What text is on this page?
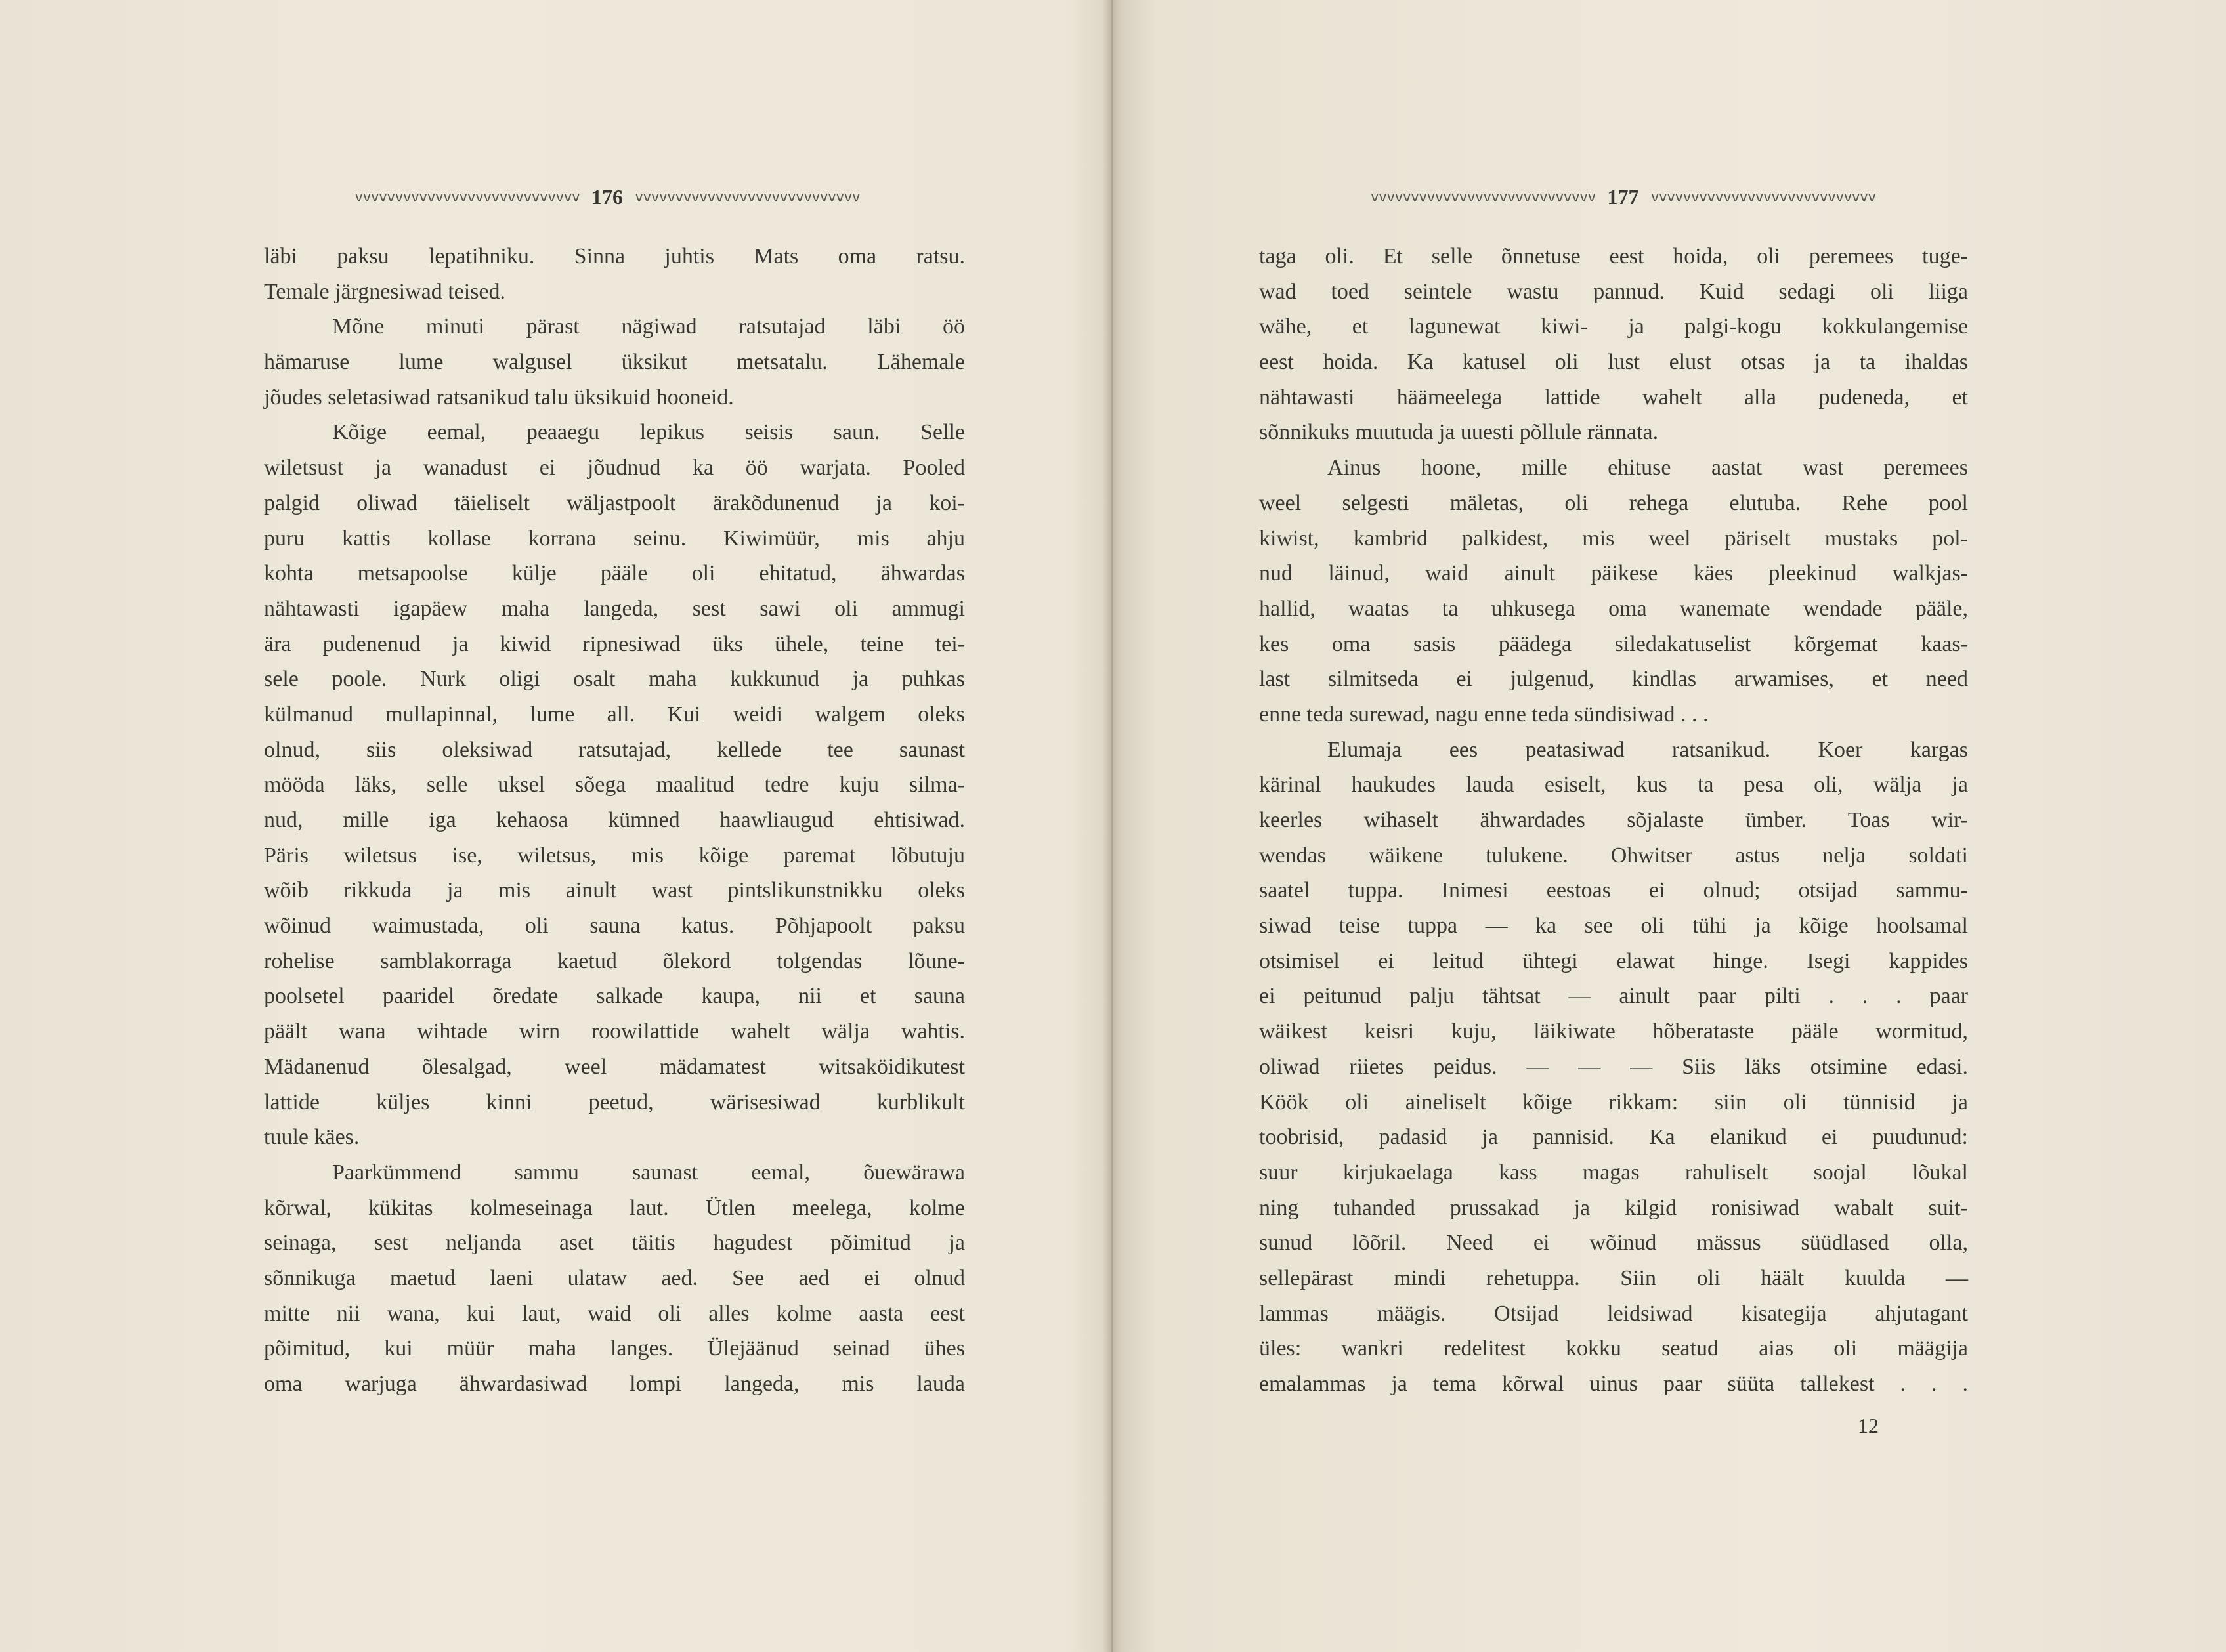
vvvvvvvvvvvvvvvvvvvvvvvvvvvv 176 vvvvvvvvvvvvvvvvvvvvvvvvvvvv
läbi paksu lepatihniku. Sinna juhtis Mats oma ratsu.
Temale järgnesiwad teised.
Mõne minuti pärast nägiwad ratsutajad läbi öö
hämaruse lume walgusel üksikut metsatalu. Lähemale
jõudes seletasiwad ratsanikud talu üksikuid hooneid.
Kõige eemal, peaaegu lepikus seisis saun. Selle
wiletsust ja wanadust ei jõudnud ka öö warjata. Pooled
palgid oliwad täieliselt wäljastpoolt ärakõdunenud ja koi-
puru kattis kollase korrana seinu. Kiwimüür, mis ahju
kohta metsapoolse külje pääle oli ehitatud, ähwardas
nähtawasti igapäew maha langeda, sest sawi oli ammugi
ära pudenenud ja kiwid ripnesiwad üks ühele, teine tei-
sele poole. Nurk oligi osalt maha kukkunud ja puhkas
külmanud mullapinnal, lume all. Kui weidi walgem oleks
olnud, siis oleksiwad ratsutajad, kellede tee saunast
mööda läks, selle uksel sõega maalitud tedre kuju silma-
nud, mille iga kehaosa kümned haawliaugud ehtisiwad.
Päris wiletsus ise, wiletsus, mis kõige paremat lõbutuju
wõib rikkuda ja mis ainult wast pintslikunstnikku oleks
wõinud waimustada, oli sauna katus. Põhjapoolt paksu
rohelise samblakorraga kaetud õlekord tolgendas lõune-
poolsetel paaridel õredate salkade kaupa, nii et sauna
päält wana wihtade wirn roowilattide wahelt wälja wahtis.
Mädanenud õlesalgad, weel mädamatest witsaköidikutest
lattide küljes kinni peetud, wärisesiwad kurblikult
tuule käes.
Paarkümmend sammu saunast eemal, õuewärawa
kõrwal, kükitas kolmeseinaga laut. Ütlen meelega, kolme
seinaga, sest neljanda aset täitis hagudest põimitud ja
sõnnikuga maetud laeni ulataw aed. See aed ei olnud
mitte nii wana, kui laut, waid oli alles kolme aasta eest
põimitud, kui müür maha langes. Ülejäänud seinad ühes
oma warjuga ähwardasiwad lompi langeda, mis lauda
vvvvvvvvvvvvvvvvvvvvvvvvvvvv 177 vvvvvvvvvvvvvvvvvvvvvvvvvvvv
taga oli. Et selle õnnetuse eest hoida, oli peremees tuge-
wad toed seintele wastu pannud. Kuid sedagi oli liiga
wähe, et lagunewat kiwi- ja palgi-kogu kokkulangemise
eest hoida. Ka katusel oli lust elust otsas ja ta ihaldas
nähtawasti häämeelega lattide wahelt alla pudeneda, et
sõnnikuks muutuda ja uuesti põllule rännata.
Ainus hoone, mille ehituse aastat wast peremees
weel selgesti mäletas, oli rehega elutuba. Rehe pool
kiwist, kambrid palkidest, mis weel päriselt mustaks pol-
nud läinud, waid ainult päikese käes pleekinud walkjas-
hallid, waatas ta uhkusega oma wanemate wendade pääle,
kes oma sasis päädega siledakatuselist kõrgemat kaas-
last silmitseda ei julgenud, kindlas arwamises, et need
enne teda surewad, nagu enne teda sündisiwad . . .
Elumaja ees peatasiwad ratsanikud. Koer kargas
kärinal haukudes lauda esiselt, kus ta pesa oli, wälja ja
keerles wihaselt ähwardades sõjalaste ümber. Toas wir-
wendas wäikene tulukene. Ohwitser astus nelja soldati
saatel tuppa. Inimesi eestoas ei olnud; otsijad sammu-
siwad teise tuppa — ka see oli tühi ja kõige hoolsamal
otsimisel ei leitud ühtegi elawat hinge. Isegi kappides
ei peitunud palju tähtsat — ainult paar pilti . . . paar
wäikest keisri kuju, läikiwate hõberataste pääle wormitud,
oliwad riietes peidus. — — — Siis läks otsimine edasi.
Köök oli aineliselt kõige rikkam: siin oli tünnisid ja
toobrisid, padasid ja pannisid. Ka elanikud ei puudunud:
suur kirjukaelaga kass magas rahuliselt soojal lõukal
ning tuhanded prussakad ja kilgid ronisiwad wabalt suit-
sunud lõõril. Need ei wõinud mässus süüdlased olla,
sellepärast mindi rehetuppa. Siin oli häält kuulda —
lammas määgis. Otsijad leidsiwad kisategija ahjutagant
üles: wankri redelitest kokku seatud aias oli määgija
emalammas ja tema kõrwal uinus paar süüta tallekest . . .
12
